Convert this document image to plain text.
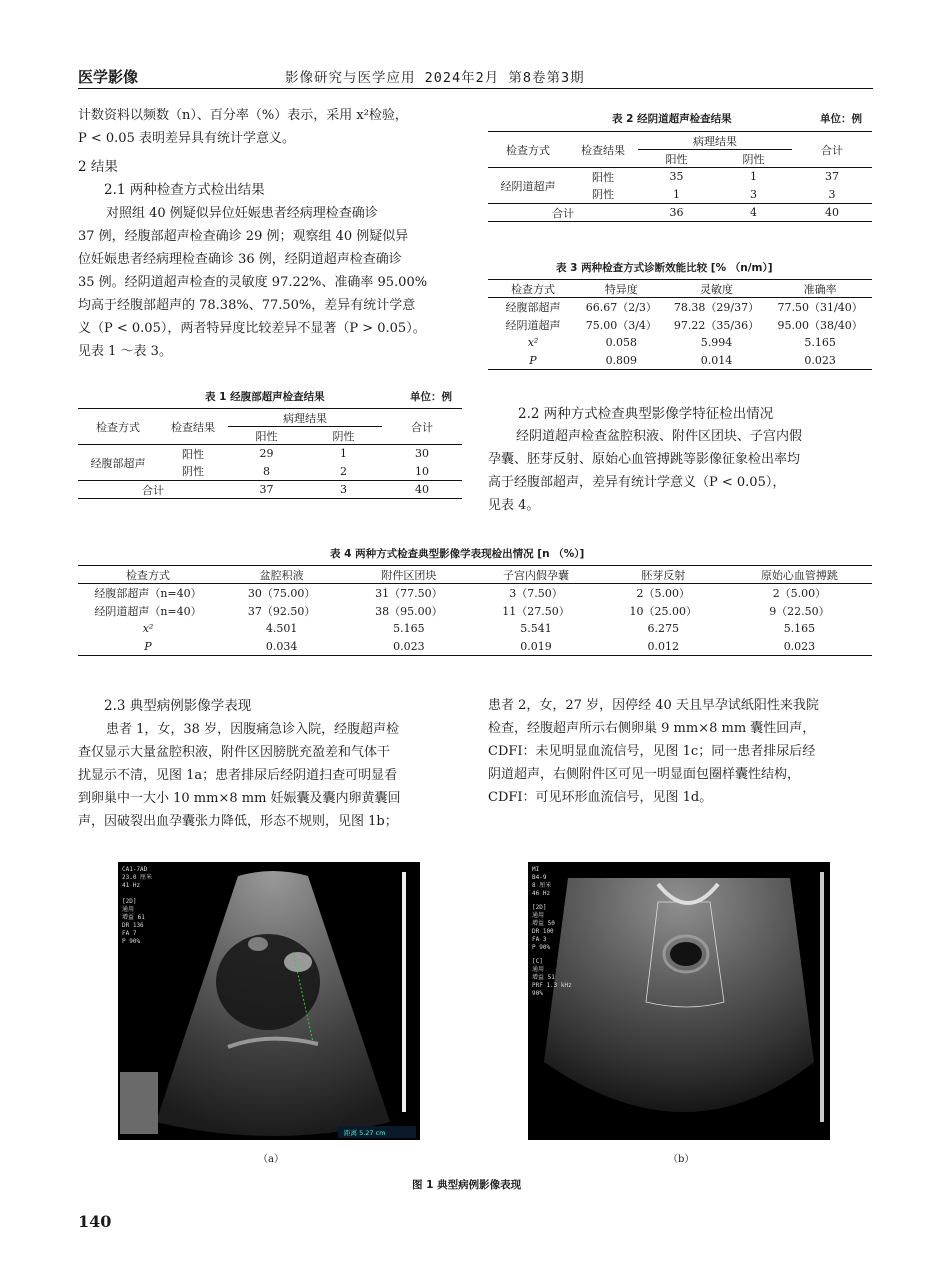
医学影像	影像研究与医学应用 2024年2月 第8卷第3期
计数资料以频数（n）、百分率（%）表示，采用 x²检验，
P < 0.05 表明差异具有统计学意义。
2 结果
2.1 两种检查方式检出结果
对照组 40 例疑似异位妊娠患者经病理检查确诊
37 例，经腹部超声检查确诊 29 例；观察组 40 例疑似异
位妊娠患者经病理检查确诊 36 例，经阴道超声检查确诊
35 例。经阴道超声检查的灵敏度 97.22%、准确率 95.00%
均高于经腹部超声的 78.38%、77.50%，差异有统计学意
义（P < 0.05），两者特异度比较差异不显著（P > 0.05）。
见表 1 ～表 3。
表 1 经腹部超声检查结果	单位：例
检查方式	检查结果	病理结果		合计
		阳性	阴性	
经腹部超声	阳性	29	1	30
	阴性	8	2	10
合计		37	3	40
表 2 经阴道超声检查结果	单位：例
检查方式	检查结果	病理结果		合计
		阳性	阴性	
经阴道超声	阳性	35	1	37
	阴性	1	3	3
合计		36	4	40
表 3 两种检查方式诊断效能比较 [% （n/m）]
检查方式	特异度	灵敏度	准确率
经腹部超声	66.67（2/3）	78.38（29/37）	77.50（31/40）
经阴道超声	75.00（3/4）	97.22（35/36）	95.00（38/40）
x²	0.058	5.994	5.165
P	0.809	0.014	0.023
2.2 两种方式检查典型影像学特征检出情况
经阴道超声检查盆腔积液、附件区团块、子宫内假
孕囊、胚芽反射、原始心血管搏跳等影像征象检出率均
高于经腹部超声，差异有统计学意义（P < 0.05），
见表 4。
表 4 两种方式检查典型影像学表现检出情况 [n （%）]
检查方式	盆腔积液	附件区团块	子宫内假孕囊	胚芽反射	原始心血管搏跳
经腹部超声（n=40）	30（75.00）	31（77.50）	3（7.50）	2（5.00）	2（5.00）
经阴道超声（n=40）	37（92.50）	38（95.00）	11（27.50）	10（25.00）	9（22.50）
x²	4.501	5.165	5.541	6.275	5.165
P	0.034	0.023	0.019	0.012	0.023
2.3 典型病例影像学表现
患者 1，女，38 岁，因腹痛急诊入院，经腹超声检
查仅显示大量盆腔积液，附件区因膀胱充盈差和气体干
扰显示不清，见图 1a；患者排尿后经阴道扫查可明显看
到卵巢中一大小 10 mm×8 mm 妊娠囊及囊内卵黄囊回
声，因破裂出血孕囊张力降低，形态不规则，见图 1b；
患者 2，女，27 岁，因停经 40 天且早孕试纸阳性来我院
检查，经腹超声所示右侧卵巢 9 mm×8 mm 囊性回声，
CDFI：未见明显血流信号，见图 1c；同一患者排尿后经
阴道超声，右侧附件区可见一明显面包圈样囊性结构，
CDFI：可见环形血流信号，见图 1d。
CA1-7AD
23.0 厘米
41 Hz
[2D]
通用
增益 61
DR 136
FA 7
P 90%
距离 5.27 cm
（a）
MI
B4-9
8 厘米
46 Hz
[2D]
通用
增益 50
DR 100
FA 3
P 90%
[C]
通用
增益 51
PRF 1.3 kHz
90%
（b）
图 1 典型病例影像表现
140
